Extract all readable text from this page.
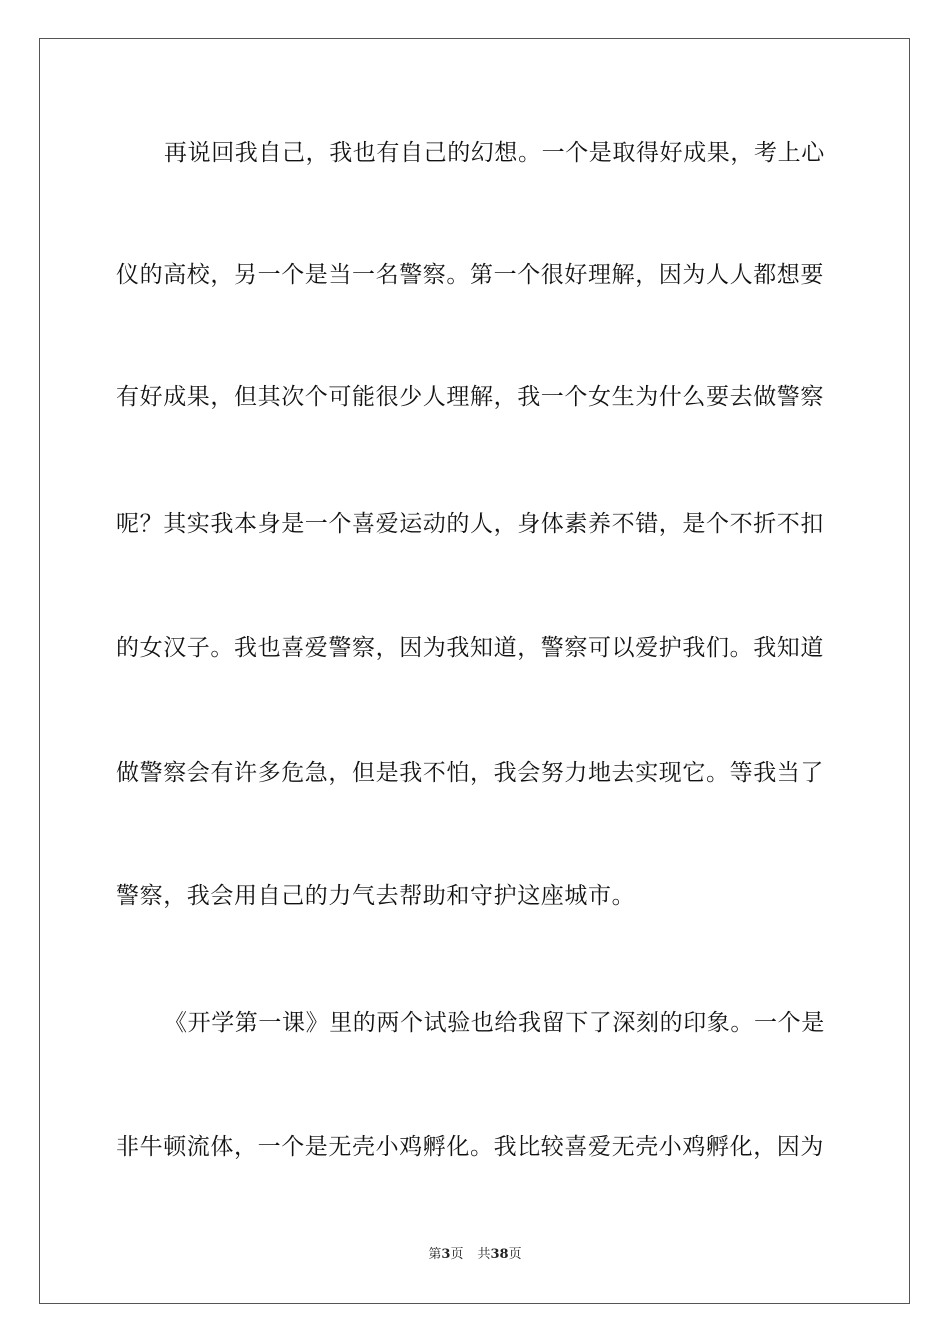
再说回我自己，我也有自己的幻想。一个是取得好成果，考上心
仪的高校，另一个是当一名警察。第一个很好理解，因为人人都想要
有好成果，但其次个可能很少人理解，我一个女生为什么要去做警察
呢？其实我本身是一个喜爱运动的人，身体素养不错，是个不折不扣
的女汉子。我也喜爱警察，因为我知道，警察可以爱护我们。我知道
做警察会有许多危急，但是我不怕，我会努力地去实现它。等我当了
警察，我会用自己的力气去帮助和守护这座城市。
《开学第一课》里的两个试验也给我留下了深刻的印象。一个是
非牛顿流体，一个是无壳小鸡孵化。我比较喜爱无壳小鸡孵化，因为
第3页 共38页
